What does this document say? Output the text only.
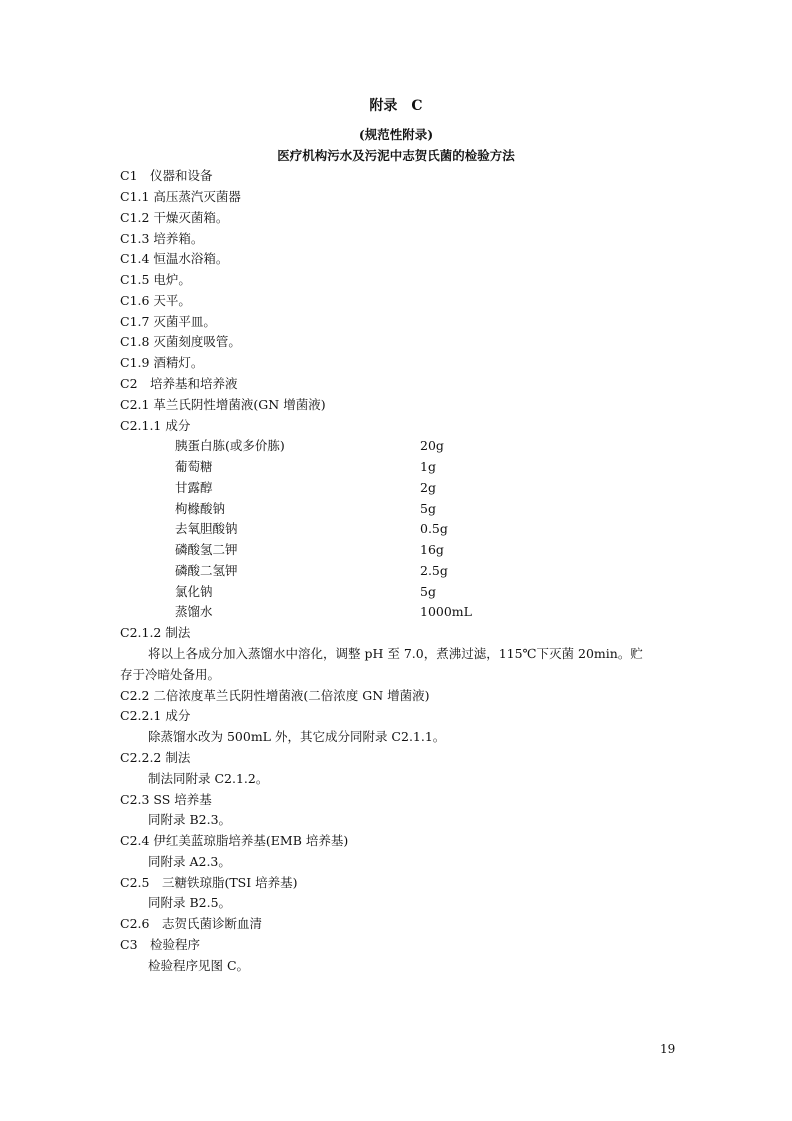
附录　C
(规范性附录)
医疗机构污水及污泥中志贺氏菌的检验方法
C1　仪器和设备
C1.1 高压蒸汽灭菌器
C1.2 干燥灭菌箱。
C1.3 培养箱。
C1.4 恒温水浴箱。
C1.5 电炉。
C1.6 天平。
C1.7 灭菌平皿。
C1.8 灭菌刻度吸管。
C1.9 酒精灯。
C2　培养基和培养液
C2.1 革兰氏阴性增菌液(GN 增菌液)
C2.1.1 成分
胰蛋白胨(或多价胨)	20g
葡萄糖	1g
甘露醇	2g
枸橼酸钠	5g
去氧胆酸钠	0.5g
磷酸氢二钾	16g
磷酸二氢钾	2.5g
氯化钠	5g
蒸馏水	1000mL
C2.1.2 制法
将以上各成分加入蒸馏水中溶化，调整 pH 至 7.0，煮沸过滤，115℃下灭菌 20min。贮
存于冷暗处备用。
C2.2 二倍浓度革兰氏阴性增菌液(二倍浓度 GN 增菌液)
C2.2.1 成分
除蒸馏水改为 500mL 外，其它成分同附录 C2.1.1。
C2.2.2 制法
制法同附录 C2.1.2。
C2.3 SS 培养基
同附录 B2.3。
C2.4 伊红美蓝琼脂培养基(EMB 培养基)
同附录 A2.3。
C2.5　三糖铁琼脂(TSI 培养基)
同附录 B2.5。
C2.6　志贺氏菌诊断血清
C3　检验程序
检验程序见图 C。
19
